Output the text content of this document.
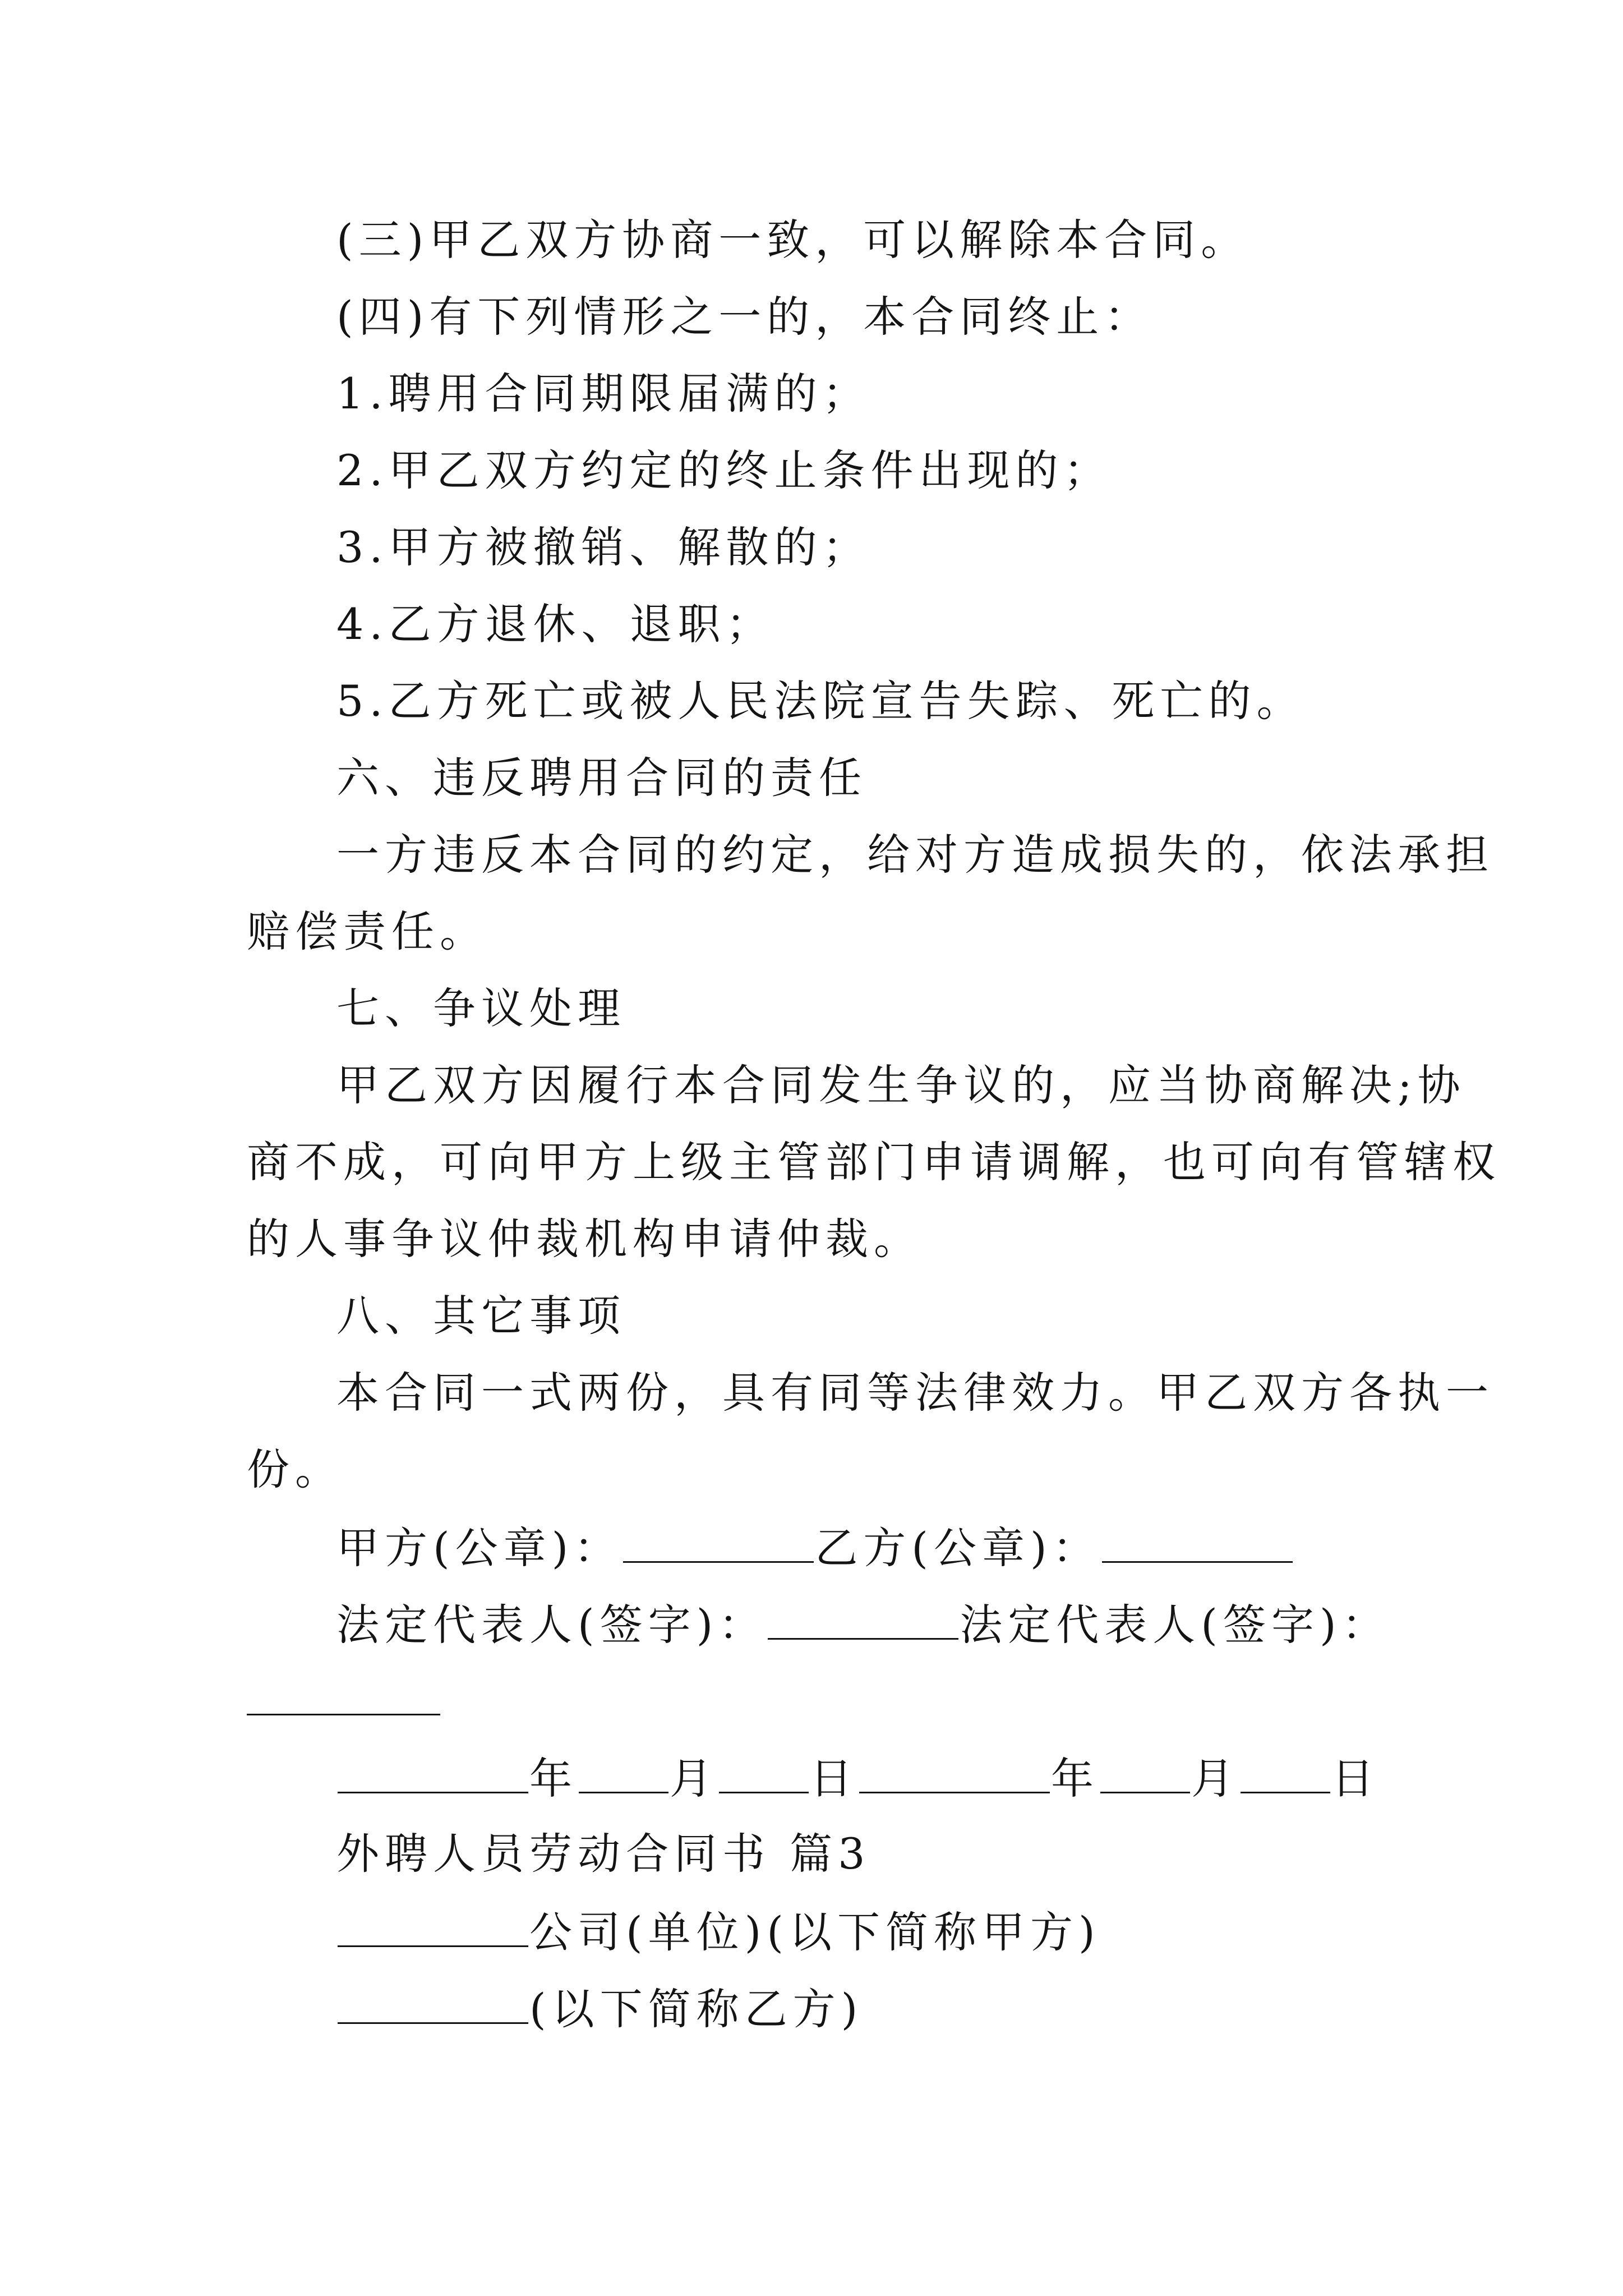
(三)甲乙双方协商一致，可以解除本合同。
(四)有下列情形之一的，本合同终止：
1.聘用合同期限届满的；
2.甲乙双方约定的终止条件出现的；
3.甲方被撤销、解散的；
4.乙方退休、退职；
5.乙方死亡或被人民法院宣告失踪、死亡的。
六、违反聘用合同的责任
一方违反本合同的约定，给对方造成损失的，依法承担
赔偿责任。
七、争议处理
甲乙双方因履行本合同发生争议的，应当协商解决;协
商不成，可向甲方上级主管部门申请调解，也可向有管辖权
的人事争议仲裁机构申请仲裁。
八、其它事项
本合同一式两份，具有同等法律效力。甲乙双方各执一
份。
甲方(公章)：	乙方(公章)：
法定代表人(签字)：	法定代表人(签字)：
年 月 日	年 月 日
外聘人员劳动合同书 篇3
公司(单位)(以下简称甲方)
(以下简称乙方)
